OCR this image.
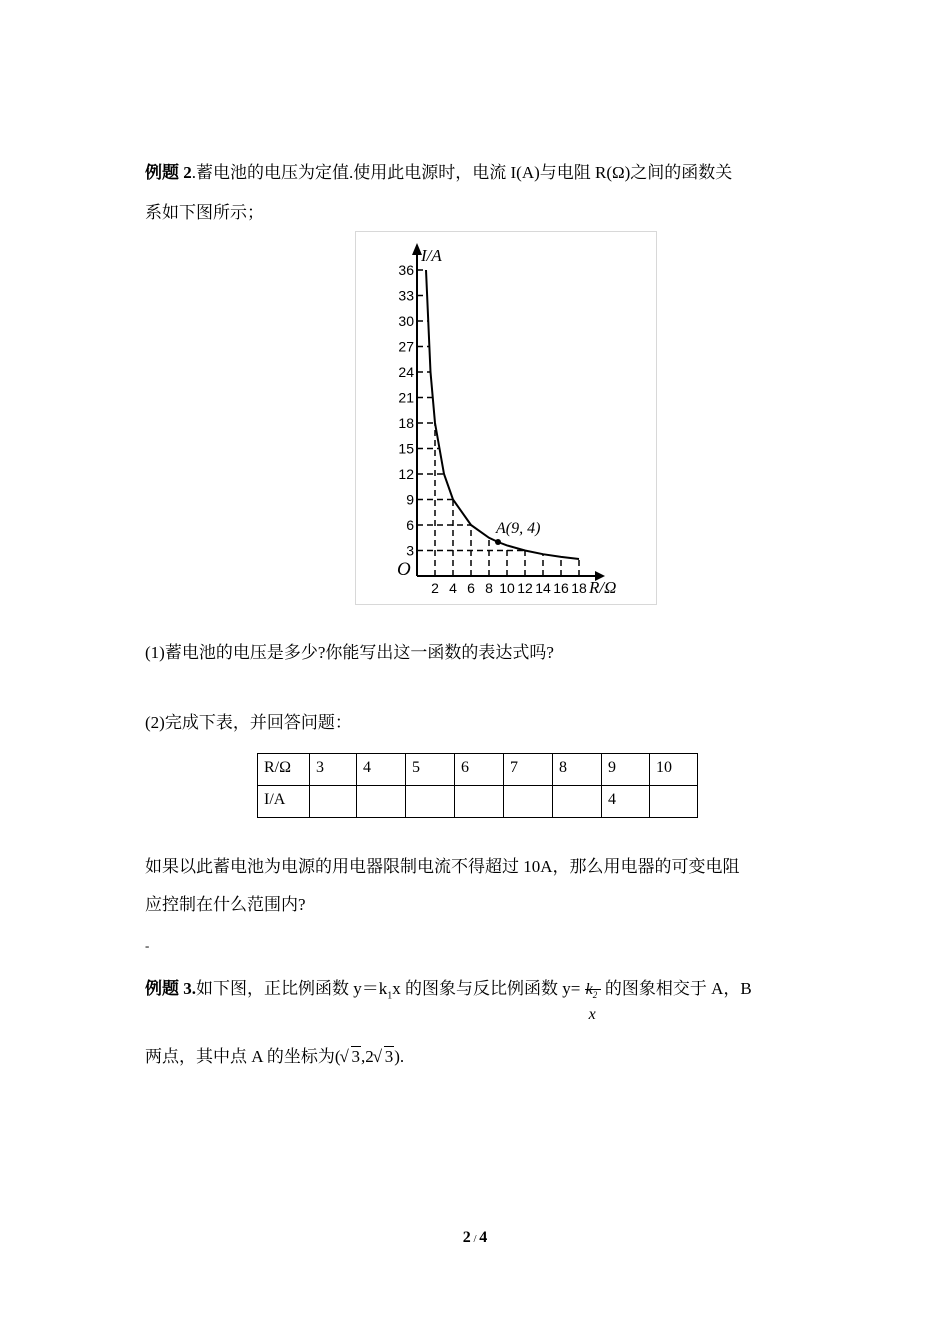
例题 2.蓄电池的电压为定值.使用此电源时，电流 I(A)与电阻 R(Ω)之间的函数关
系如下图所示；
2 4 6 8 10 12 14 16 18
3
6
9
12
15
18
21
24
27
30
33
36
A(9, 4)
I/A
R/Ω
O
(1)蓄电池的电压是多少?你能写出这一函数的表达式吗?
(2)完成下表，并回答问题：
R/Ω	3	4	5	6	7	8	9	10
I/A							4	
如果以此蓄电池为电源的用电器限制电流不得超过 10A，那么用电器的可变电阻
应控制在什么范围内?
-
例题 3.如下图，正比例函数 $y=k_1x$ 的图象与反比例函数 $y= k_2$
x
的图象相交于 A，B
两点，其中点 A 的坐标为( √ 3,2 √ 3).
2 / 4
